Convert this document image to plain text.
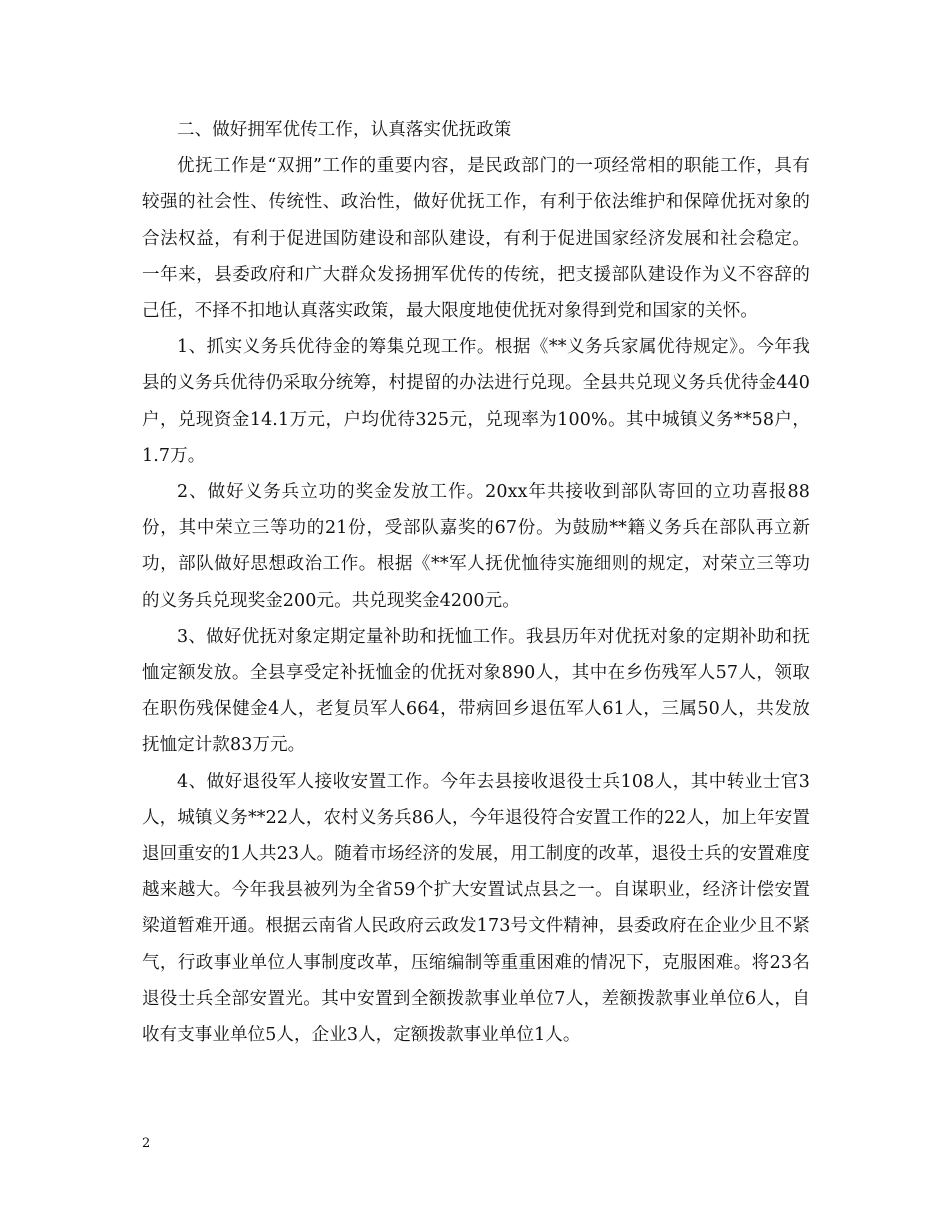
二、做好拥军优传工作，认真落实优抚政策

优抚工作是“双拥”工作的重要内容，是民政部门的一项经常相的职能工作，具有较强的社会性、传统性、政治性，做好优抚工作，有利于依法维护和保障优抚对象的合法权益，有利于促进国防建设和部队建设，有利于促进国家经济发展和社会稳定。一年来，县委政府和广大群众发扬拥军优传的传统，把支援部队建设作为义不容辞的己任，不择不扣地认真落实政策，最大限度地使优抚对象得到党和国家的关怀。

1、抓实义务兵优待金的筹集兑现工作。根据《**义务兵家属优待规定》。今年我县的义务兵优待仍采取分统筹，村提留的办法进行兑现。全县共兑现义务兵优待金440户，兑现资金14.1万元，户均优待325元，兑现率为100%。其中城镇义务**58户，1.7万。

2、做好义务兵立功的奖金发放工作。20xx年共接收到部队寄回的立功喜报88份，其中荣立三等功的21份，受部队嘉奖的67份。为鼓励**籍义务兵在部队再立新功，部队做好思想政治工作。根据《**军人抚优恤待实施细则的规定，对荣立三等功的义务兵兑现奖金200元。共兑现奖金4200元。

3、做好优抚对象定期定量补助和抚恤工作。我县历年对优抚对象的定期补助和抚恤定额发放。全县享受定补抚恤金的优抚对象890人，其中在乡伤残军人57人，领取在职伤残保健金4人，老复员军人664，带病回乡退伍军人61人，三属50人，共发放抚恤定计款83万元。

4、做好退役军人接收安置工作。今年去县接收退役士兵108人，其中转业士官3人，城镇义务**22人，农村义务兵86人，今年退役符合安置工作的22人，加上年安置退回重安的1人共23人。随着市场经济的发展，用工制度的改革，退役士兵的安置难度越来越大。今年我县被列为全省59个扩大安置试点县之一。自谋职业，经济计偿安置梁道暂难开通。根据云南省人民政府云政发173号文件精神，县委政府在企业少且不紧气，行政事业单位人事制度改革，压缩编制等重重困难的情况下，克服困难。将23名退役士兵全部安置光。其中安置到全额拨款事业单位7人，差额拨款事业单位6人，自收有支事业单位5人，企业3人，定额拨款事业单位1人。

2
